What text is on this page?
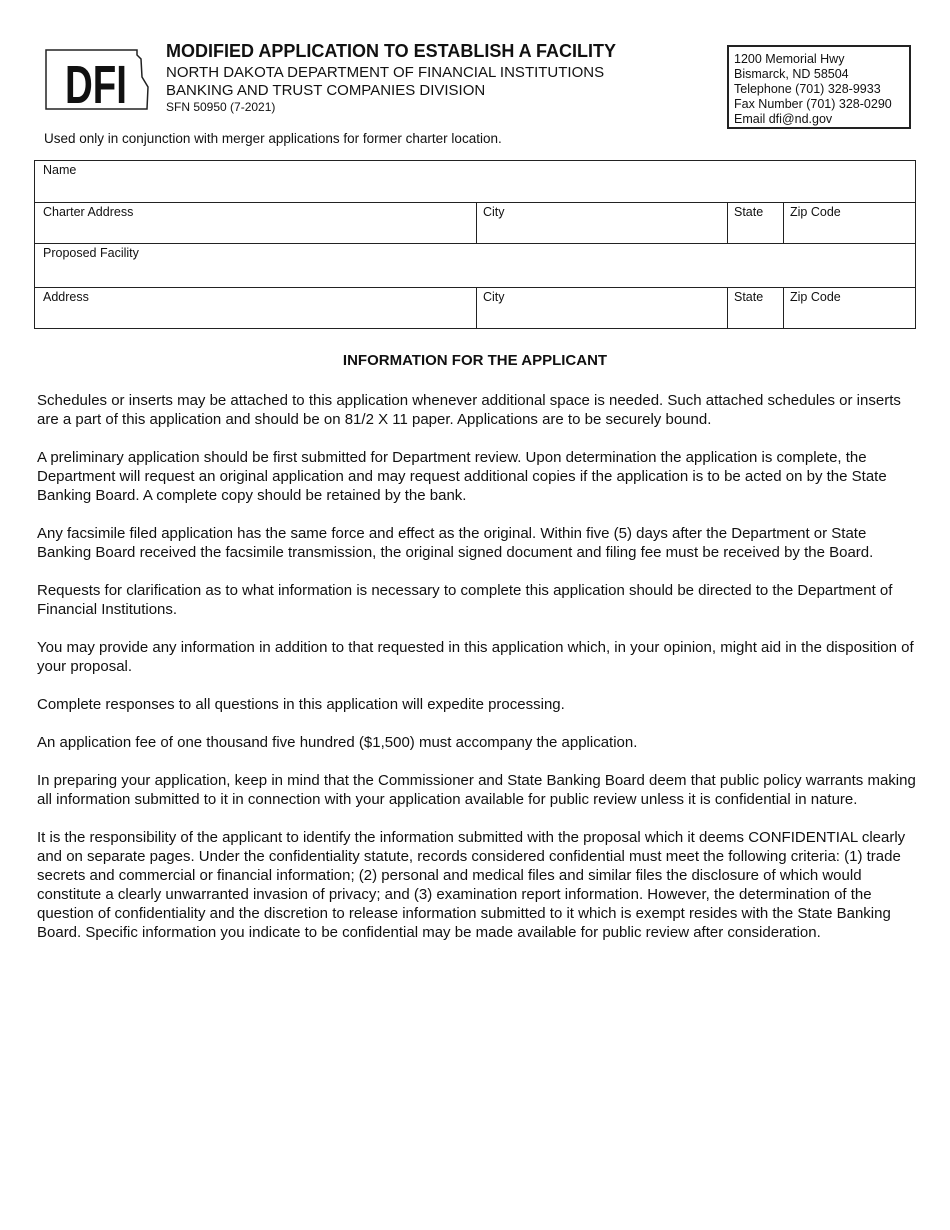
DFI
MODIFIED APPLICATION TO ESTABLISH A FACILITY
NORTH DAKOTA DEPARTMENT OF FINANCIAL INSTITUTIONS
BANKING AND TRUST COMPANIES DIVISION
SFN 50950 (7-2021)
1200 Memorial Hwy
Bismarck, ND 58504
Telephone (701) 328-9933
Fax Number (701) 328-0290
Email dfi@nd.gov
Used only in conjunction with merger applications for former charter location.
Name
Charter Address	City	State Zip Code
Proposed Facility
Address	City	State Zip Code
INFORMATION FOR THE APPLICANT

Schedules or inserts may be attached to this application whenever additional space is needed. Such attached schedules or inserts are a part of this application and should be on 81/2 X 11 paper. Applications are to be securely bound.

A preliminary application should be first submitted for Department review. Upon determination the application is complete, the Department will request an original application and may request additional copies if the application is to be acted on by the State Banking Board. A complete copy should be retained by the bank.

Any facsimile filed application has the same force and effect as the original. Within five (5) days after the Department or State Banking Board received the facsimile transmission, the original signed document and filing fee must be received by the Board.

Requests for clarification as to what information is necessary to complete this application should be directed to the Department of Financial Institutions.

You may provide any information in addition to that requested in this application which, in your opinion, might aid in the disposition of your proposal.

Complete responses to all questions in this application will expedite processing.

An application fee of one thousand five hundred ($1,500) must accompany the application.

In preparing your application, keep in mind that the Commissioner and State Banking Board deem that public policy warrants making all information submitted to it in connection with your application available for public review unless it is confidential in nature.

It is the responsibility of the applicant to identify the information submitted with the proposal which it deems CONFIDENTIAL clearly and on separate pages. Under the confidentiality statute, records considered confidential must meet the following criteria: (1) trade secrets and commercial or financial information; (2) personal and medical files and similar files the disclosure of which would constitute a clearly unwarranted invasion of privacy; and (3) examination report information. However, the determination of the question of confidentiality and the discretion to release information submitted to it which is exempt resides with the State Banking Board. Specific information you indicate to be confidential may be made available for public review after consideration.
